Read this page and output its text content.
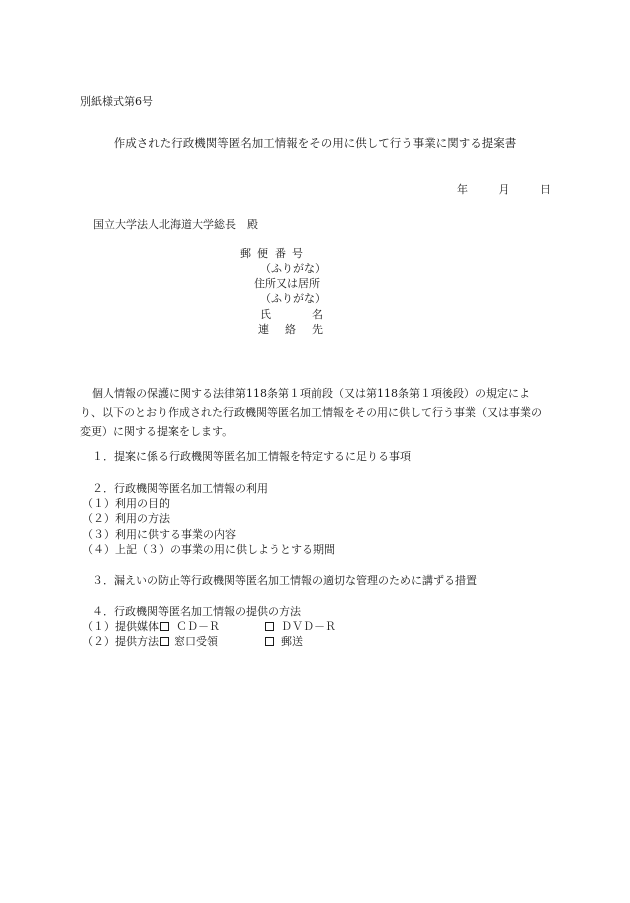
別紙様式第6号
作成された行政機関等匿名加工情報をその用に供して行う事業に関する提案書
年	月	日
国立大学法人北海道大学総長　殿
郵 便 番 号
（ふりがな）
住所又は居所
（ふりがな）
氏	名
連 絡 先
個人情報の保護に関する法律第118条第１項前段（又は第118条第１項後段）の規定により、以下のとおり作成された行政機関等匿名加工情報をその用に供して行う事業（又は事業の変更）に関する提案をします。
１．提案に係る行政機関等匿名加工情報を特定するに足りる事項
２．行政機関等匿名加工情報の利用
（１）利用の目的
（２）利用の方法
（３）利用に供する事業の内容
（４）上記（３）の事業の用に供しようとする期間
３．漏えいの防止等行政機関等匿名加工情報の適切な管理のために講ずる措置
４．行政機関等匿名加工情報の提供の方法
（１）提供媒体 ＣＤ－Ｒ	ＤＶＤ－Ｒ
（２）提供方法 窓口受領	郵送
